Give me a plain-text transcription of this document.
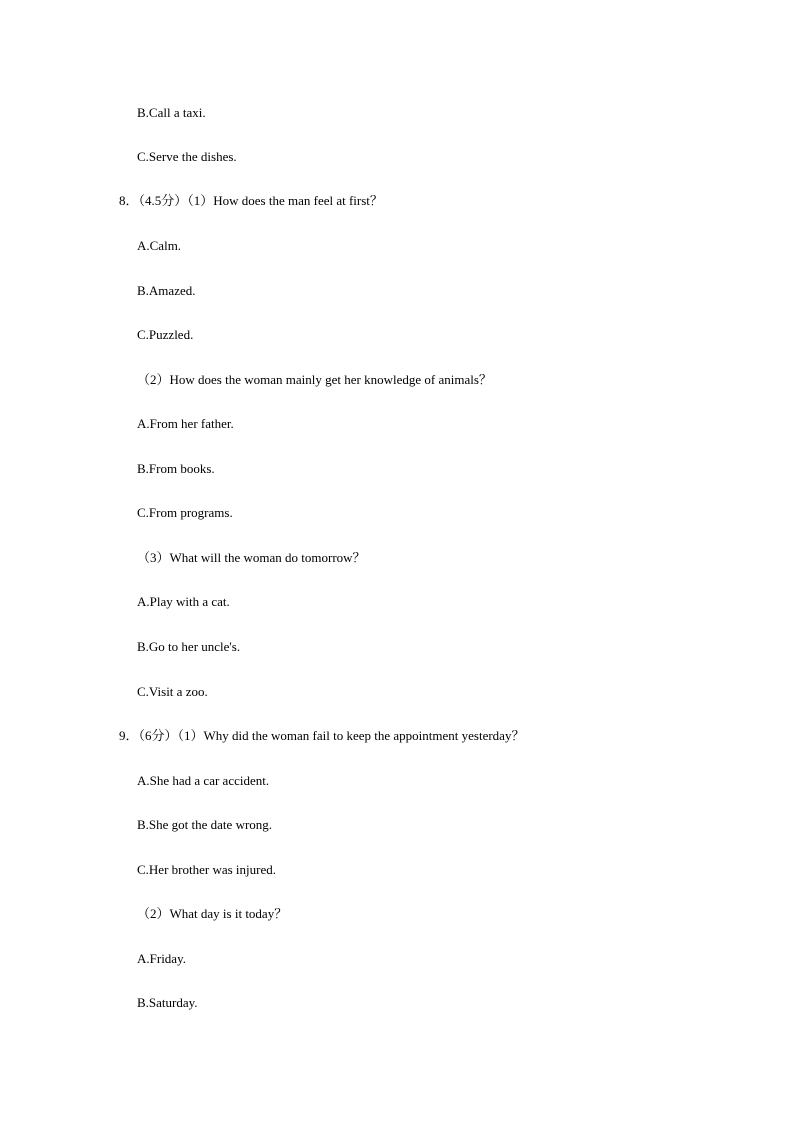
B.Call a taxi.
C.Serve the dishes.
8．（4.5分）（1）How does the man feel at first？
A.Calm.
B.Amazed.
C.Puzzled.
（2）How does the woman mainly get her knowledge of animals？
A.From her father.
B.From books.
C.From programs.
（3）What will the woman do tomorrow？
A.Play with a cat.
B.Go to her uncle's.
C.Visit a zoo.
9．（6分）（1）Why did the woman fail to keep the appointment yesterday？
A.She had a car accident.
B.She got the date wrong.
C.Her brother was injured.
（2）What day is it today？
A.Friday.
B.Saturday.
